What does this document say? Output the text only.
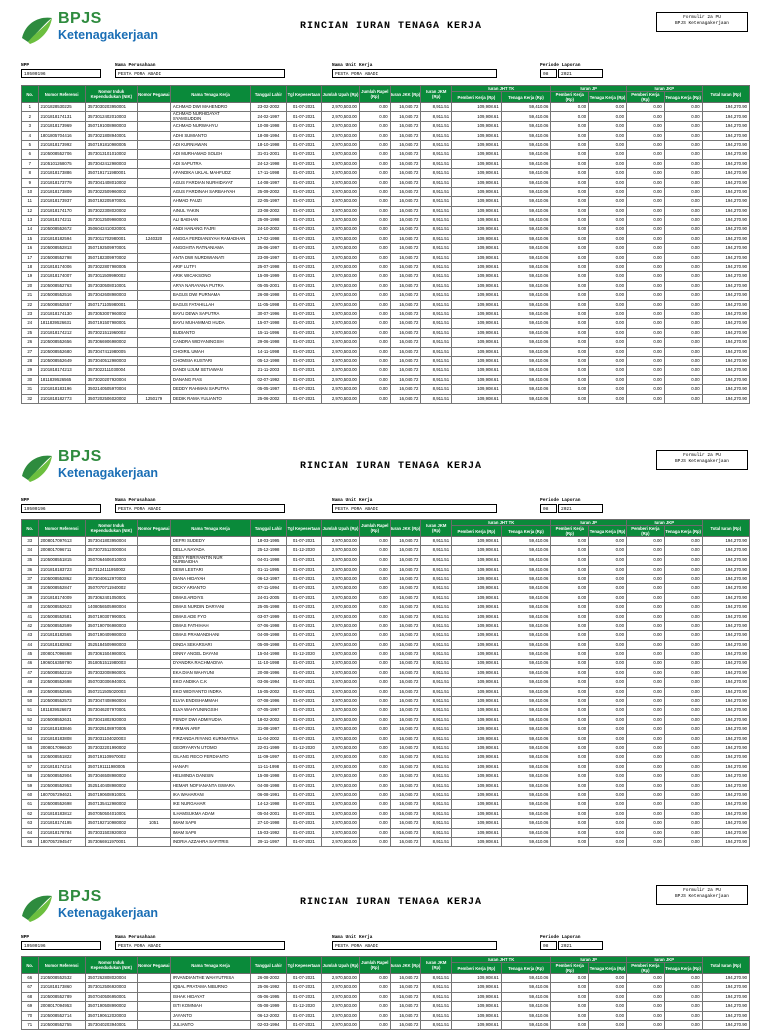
BPJS
Ketenagakerjaan
RINCIAN IURAN TENAGA KERJA
Formulir 2a PU
BPJS Ketenagakerjaan
NPP
19500196
Nama Perusahaan
PESTA PORA ABADI
Nama Unit Kerja
PESTA PORA ABADI
Periode Laporan
08	2021
No.	Nomor Referensi	Nomor Induk Kependudukan (NIK)	Nomor Pegawai	Nama Tenaga Kerja	Tanggal Lahir	Tgl Kepesertaan	Jumlah Upah (Rp)	Jumlah Rapel (Rp)	Iuran JKK (Rp)	Iuran JKM (Rp)	Iuran JHT TK		Iuran JP		Iuran JKP		Total Iuran (Rp)
											Pemberi Kerja (Rp)	Tenaga Kerja (Rp)	Pemberi Kerja (Rp)	Tenaga Kerja (Rp)	Pemberi Kerja (Rp)	Tenaga Kerja (Rp)	
1	2101828530225	3573030203950001		ACHMAD DWI MAHENDRO	23-02-2002	01-07-2021	2,970,503.00	0.00	16,040.72	8,911.51	109,908.61	59,410.06	0.00	0.00	0.00	0.00	194,270.90
2	2101818174131	3573012402010003		ACHMAD NURHIDAYAT SYAMSUDDIN	24-02-1997	01-07-2021	2,970,503.00	0.00	16,040.72	8,911.51	109,908.61	59,410.06	0.00	0.00	0.00	0.00	194,270.90
3	2101818173969	3507191008980003		ACHMAD NURWAHYU	10-08-1998	01-07-2021	2,970,503.00	0.00	16,040.72	8,911.51	109,908.61	59,410.06	0.00	0.00	0.00	0.00	194,270.90
4	1801805704416	3573021808940001		ADHI SUMIANTO	18-08-1994	01-07-2021	2,970,503.00	0.00	16,040.72	8,911.51	109,908.61	59,410.06	0.00	0.00	0.00	0.00	194,270.90
5	2101818173992	3507191810980005		ADI KURNIAWAN	18-10-1998	01-07-2021	2,970,503.00	0.00	16,040.72	8,911.51	109,908.61	59,410.06	0.00	0.00	0.00	0.00	194,270.90
6	2105008552706	3573013101010002		ADI MURHAMAD SOLEH	31-01-2001	01-07-2021	2,970,503.00	0.00	16,040.72	8,911.51	109,908.61	59,410.06	0.00	0.00	0.00	0.00	194,270.90
7	2105101268075	3573042412980003		ADI SAPUTRA	24-12-1998	01-07-2021	2,970,503.00	0.00	16,040.72	8,911.51	109,908.61	59,410.06	0.00	0.00	0.00	0.00	194,270.90
8	2101818173886	3507191711980001		AFANDIKA UKLAL MAHFUDZ	17-11-1998	01-07-2021	2,970,503.00	0.00	16,040.72	8,911.51	109,908.61	59,410.06	0.00	0.00	0.00	0.00	194,270.90
9	2101818173779	3573041408010002		AGUS FARDIAN NURHIDAYAT	14-08-1997	01-07-2021	2,970,503.00	0.00	16,040.72	8,911.51	109,908.61	59,410.06	0.00	0.00	0.00	0.00	194,270.90
10	2101818173809	3573022509960002		AGUS FARDINAH SARBAHYAH	25-09-2002	01-07-2021	2,970,503.00	0.00	16,040.72	8,911.51	109,908.61	59,410.06	0.00	0.00	0.00	0.00	194,270.90
11	2101818173937	3507192205970001		AHMAD FAUZI	22-05-1997	01-07-2021	2,970,503.00	0.00	16,040.72	8,911.51	109,908.61	59,410.06	0.00	0.00	0.00	0.00	194,270.90
12	2101818174170	3573022308020002		AINUL YAKIN	23-08-2002	01-07-2021	2,970,503.00	0.00	16,040.72	8,911.51	109,908.61	59,410.06	0.00	0.00	0.00	0.00	194,270.90
13	2101818174211	3573012509980003		ALI BAEHAN	25-09-1998	01-07-2021	2,970,503.00	0.00	16,040.72	8,911.51	109,908.61	59,410.06	0.00	0.00	0.00	0.00	194,270.90
14	2105008552672	3506042410020001		ANDI HANANG FAJRI	24-10-2002	01-07-2021	2,970,503.00	0.00	16,040.72	8,911.51	109,908.61	59,410.06	0.00	0.00	0.00	0.00	194,270.90
15	2101818182594	3573011702980001	1240320	ANGGA FERDIANSYAH RAMADHAN	17-02-1998	01-07-2021	2,970,503.00	0.00	16,040.72	8,911.51	109,908.61	59,410.06	0.00	0.00	0.00	0.00	194,270.90
16	2105008552813	3507192509970001		ANGGHITA RATNANIAMA	25-06-1997	01-07-2021	2,970,503.00	0.00	16,040.72	8,911.51	109,908.61	59,410.06	0.00	0.00	0.00	0.00	194,270.90
17	2105008552798	3507182309970002		ANTA DWI NURDWIANATI	23-09-1997	01-07-2021	2,970,503.00	0.00	16,040.72	8,911.51	109,908.61	59,410.06	0.00	0.00	0.00	0.00	194,270.90
18	2101818174006	3573022807980005		ARIF LUTFI	25-07-1998	01-07-2021	2,970,503.00	0.00	16,040.72	8,911.51	109,908.61	59,410.06	0.00	0.00	0.00	0.00	194,270.90
19	2101818174007	3573011509990002		ARIK WICAKSONO	15-09-1999	01-07-2021	2,970,503.00	0.00	16,040.72	8,911.51	109,908.61	59,410.06	0.00	0.00	0.00	0.00	194,270.90
20	2105008552763	3573030508010001		ARYA NARAYANA PUTRA	05-05-2001	01-07-2021	2,970,503.00	0.00	16,040.72	8,911.51	109,908.61	59,410.06	0.00	0.00	0.00	0.00	194,270.90
21	2105008552516	3573042608980003		BAGUS DWI PURNAMA	26-08-1998	01-07-2021	2,970,503.00	0.00	16,040.72	8,911.51	109,908.61	59,410.06	0.00	0.00	0.00	0.00	194,270.90
22	2105008552557	3507171105980001		BAGUS FATAHILLAH	11-05-1998	01-07-2021	2,970,503.00	0.00	16,040.72	8,911.51	109,908.61	59,410.06	0.00	0.00	0.00	0.00	194,270.90
23	2101818174130	3573053007960002		BAYU DEWA SAPUTRA	30-07-1996	01-07-2021	2,970,503.00	0.00	16,040.72	8,911.51	109,908.61	59,410.06	0.00	0.00	0.00	0.00	194,270.90
24	1811839526631	3507191507980001		BAYU MUHAMMAD HUDA	15-07-1998	01-07-2021	2,970,503.00	0.00	16,040.72	8,911.51	109,908.61	59,410.06	0.00	0.00	0.00	0.00	194,270.90
25	2101818174212	3573021511960002		BUDIANTO	15-11-1996	01-07-2021	2,970,503.00	0.00	16,040.72	8,911.51	109,908.61	59,410.06	0.00	0.00	0.00	0.00	194,270.90
26	2105008552656	3573066906980002		CANDRA WIDYANINGSIH	29-06-1998	01-07-2021	2,970,503.00	0.00	16,040.72	8,911.51	109,908.61	59,410.06	0.00	0.00	0.00	0.00	194,270.90
27	2105008552680	3573047411980005		CHOIRIL UMAH	14-11-1998	01-07-2021	2,970,503.00	0.00	16,040.72	8,911.51	109,908.61	59,410.06	0.00	0.00	0.00	0.00	194,270.90
28	2105008552649	3573040512980003		CHOMSIA KUSTARI	05-12-1998	01-07-2021	2,970,503.00	0.00	16,040.72	8,911.51	109,908.61	59,410.06	0.00	0.00	0.00	0.00	194,270.90
29	2101818174213	3573022111030004		DANDI UJUM SETIAWAN	21-11-2003	01-07-2021	2,970,503.00	0.00	16,040.72	8,911.51	109,908.61	59,410.06	0.00	0.00	0.00	0.00	194,270.90
30	1811839526565	3573020207920004		DANANG FIAS	02-07-1992	01-07-2021	2,970,503.00	0.00	16,040.72	8,911.51	109,908.61	59,410.06	0.00	0.00	0.00	0.00	194,270.90
31	2101818183196	3502140505970004		DEDDY RAHMAN SAPUTRA	05-05-1997	01-07-2021	2,970,503.00	0.00	16,040.72	8,911.51	109,908.61	59,410.06	0.00	0.00	0.00	0.00	194,270.90
32	2101818182773	3507202506020002	1250179	DEDIK RAMA YULIANTO	25-06-2002	01-07-2021	2,970,503.00	0.00	16,040.72	8,911.51	109,908.61	59,410.06	0.00	0.00	0.00	0.00	194,270.90
BPJS
Ketenagakerjaan	RINCIAN IURAN TENAGA KERJA
Formulir 2a PU
BPJS Ketenagakerjaan
NPP
19500196
Nama Perusahaan
PESTA PORA ABADI
Nama Unit Kerja
PESTA PORA ABADI
Periode Laporan
08	2021
No.	Nomor Referensi	Nomor Induk Kependudukan (NIK)	Nomor Pegawai	Nama Tenaga Kerja	Tanggal Lahir	Tgl Kepesertaan	Jumlah Upah (Rp)	Jumlah Rapel (Rp)	Iuran JKK (Rp)	Iuran JKM (Rp)	Iuran JHT TK		Iuran JP		Iuran JKP		Total Iuran (Rp)
											Pemberi Kerja (Rp)	Tenaga Kerja (Rp)	Pemberi Kerja (Rp)	Tenaga Kerja (Rp)	Pemberi Kerja (Rp)	Tenaga Kerja (Rp)	
33	2008017097613	3573041803950004		DEFRI SUDEDY	18-03-1995	01-07-2021	2,970,503.00	0.00	16,040.72	8,911.51	109,908.61	59,410.06	0.00	0.00	0.00	0.00	194,270.90
34	2008017096711	3573072512000004		DELLA NAYADA	25-12-1998	01-12-2020	2,970,503.00	0.00	16,040.72	8,911.51	109,908.61	59,410.06	0.00	0.00	0.00	0.00	194,270.90
35	2105008551815	3507064606010003		DESY FIBRIYANTIN NUR NURBAIDHA	04-01-1998	01-07-2021	2,970,503.00	0.00	16,040.72	8,911.51	109,908.61	59,410.06	0.00	0.00	0.00	0.00	194,270.90
36	2101818183723	3573124111950002		DEWI LESTARI	01-11-1995	01-07-2021	2,970,503.00	0.00	16,040.72	8,911.51	109,908.61	59,410.06	0.00	0.00	0.00	0.00	194,270.90
37	2105008552862	3573040612970003		DIANA HIDAYAH	06-12-1997	01-07-2021	2,970,503.00	0.00	16,040.72	8,911.51	109,908.61	59,410.06	0.00	0.00	0.00	0.00	194,270.90
38	2105008552847	3507070711940002		DICKY ARIANTO	07-11-1994	01-07-2021	2,970,503.00	0.00	16,040.72	8,911.51	109,908.61	59,410.06	0.00	0.00	0.00	0.00	194,270.90
39	2101818174009	3573062401050001		DIMAS ARDIYS	24-01-2005	01-07-2021	2,970,503.00	0.00	16,040.72	8,911.51	109,908.61	59,410.06	0.00	0.00	0.00	0.00	194,270.90
40	2105008552623	1408056505980004		DIMAS NURDIN DARYANI	25-05-1998	01-07-2021	2,970,503.00	0.00	16,040.72	8,911.51	109,908.61	59,410.06	0.00	0.00	0.00	0.00	194,270.90
41	2105008552581	3507190307990001		DIMAS ADE FYO	03-07-1999	01-07-2021	2,970,503.00	0.00	16,040.72	8,911.51	109,908.61	59,410.06	0.00	0.00	0.00	0.00	194,270.90
42	2105008552599	3507190706980003		DIMAS FATHIHAH	07-06-1998	01-07-2021	2,970,503.00	0.00	16,040.72	8,911.51	109,908.61	59,410.06	0.00	0.00	0.00	0.00	194,270.90
43	2101818182565	3507190409980003		DIMAS PRAMANDHANI	04-09-1998	01-07-2021	2,970,503.00	0.00	16,040.72	8,911.51	109,908.61	59,410.06	0.00	0.00	0.00	0.00	194,270.90
44	2101818182862	3525184509980003		DINDA SEKARSARI	05-09-1998	01-07-2021	2,970,503.00	0.00	16,040.72	8,911.51	109,908.61	59,410.06	0.00	0.00	0.00	0.00	194,270.90
45	2008017096598	3573061504980001		DINNY ANGEL DAYANI	15-04-1998	01-12-2020	2,970,503.00	0.00	16,040.72	8,911.51	109,908.61	59,410.06	0.00	0.00	0.00	0.00	194,270.90
46	1906016359790	3518051511980003		DYANDRA RACHMADIVA	11-10-1998	01-07-2021	2,970,503.00	0.00	16,040.72	8,911.51	109,908.61	59,410.06	0.00	0.00	0.00	0.00	194,270.90
47	2105008552219	3573032008960001		EKA DIAN WAHYUNI	20-08-1996	01-07-2021	2,970,503.00	0.00	16,040.72	8,911.51	109,908.61	59,410.06	0.00	0.00	0.00	0.00	194,270.90
48	2105008552698	3507030306940001		EKO ANDIKA C.K	03-06-1994	01-07-2021	2,970,503.00	0.00	16,040.72	8,911.51	109,908.61	59,410.06	0.00	0.00	0.00	0.00	194,270.90
49	2105008552565	3507211505020003		EKO WIDIYANTO INDRA	15-05-2002	01-07-2021	2,970,503.00	0.00	16,040.72	8,911.51	109,908.61	59,410.06	0.00	0.00	0.00	0.00	194,270.90
50	2105008552573	3573047408960004		ELVIA ENDISHAMMAH	07-08-1996	01-07-2021	2,970,503.00	0.00	16,040.72	8,911.51	109,908.61	59,410.06	0.00	0.00	0.00	0.00	194,270.90
51	1811839526673	3573046207970001		ELVA WAHYUNINGSIH	07-05-1997	01-07-2021	2,970,503.00	0.00	16,040.72	8,911.51	109,908.61	59,410.06	0.00	0.00	0.00	0.00	194,270.90
52	2105008552631	3573041802920003		FENDY DWI ADMIYUDIA	18-02-2002	01-07-2021	2,970,503.00	0.00	16,040.72	8,911.51	109,908.61	59,410.06	0.00	0.00	0.00	0.00	194,270.90
53	2101818183846	3573025108970005		FIRMAN ARIF	31-08-1997	01-07-2021	2,970,503.00	0.00	16,040.72	8,911.51	109,908.61	59,410.06	0.00	0.00	0.00	0.00	194,270.90
54	2101818183808	3573031104020003		FIRZANDA RIYANG KURNIATINA	11-04-2002	01-07-2021	2,970,503.00	0.00	16,040.72	8,911.51	109,908.61	59,410.06	0.00	0.00	0.00	0.00	194,270.90
55	2008017096630	3573032201990002		GEORYARYN UTOMO	22-01-1999	01-12-2020	2,970,503.00	0.00	16,040.72	8,911.51	109,908.61	59,410.06	0.00	0.00	0.00	0.00	194,270.90
56	2105008551822	3507191109970002		GILANG RECO FERDIANTO	11-09-1997	01-07-2021	2,970,503.00	0.00	16,040.72	8,911.51	109,908.61	59,410.06	0.00	0.00	0.00	0.00	194,270.90
57	2101818174214	3507191111980005		HANAFI	11-11-1998	01-07-2021	2,970,503.00	0.00	16,040.72	8,911.51	109,908.61	59,410.06	0.00	0.00	0.00	0.00	194,270.90
58	2105008552904	3573046508980002		HELMINDA DANISIN	15-08-1998	01-07-2021	2,970,503.00	0.00	16,040.72	8,911.51	109,908.61	59,410.06	0.00	0.00	0.00	0.00	194,270.90
59	2105008552953	3525140408980002		HEMAR NOFIANANTA ISWARA	04-08-1998	01-07-2021	2,970,503.00	0.00	16,040.72	8,911.51	109,908.61	59,410.06	0.00	0.00	0.00	0.00	194,270.90
60	1807057294621	3507190608910001		IKA WAHARANI	06-08-1991	01-07-2021	2,970,503.00	0.00	16,040.72	8,911.51	109,908.61	59,410.06	0.00	0.00	0.00	0.00	194,270.90
61	2105008552698	3507135412980002		IKE NURGAHAR	14-12-1998	01-07-2021	2,970,503.00	0.00	16,040.72	8,911.51	109,908.61	59,410.06	0.00	0.00	0.00	0.00	194,270.90
62	2101818183812	3507050504010001		ILHAMSUKMA ADAM	05-04-2001	01-07-2021	2,970,503.00	0.00	16,040.72	8,911.51	109,908.61	59,410.06	0.00	0.00	0.00	0.00	194,270.90
63	2101818174195	3507192710980002	1051	IMAM SAPII	27-10-1998	01-07-2021	2,970,503.00	0.00	16,040.72	8,911.51	109,908.61	59,410.06	0.00	0.00	0.00	0.00	194,270.90
64	2101818178784	3573031503920003		IMAM SAPII	15-03-1992	01-07-2021	2,970,503.00	0.00	16,040.72	8,911.51	109,908.61	59,410.06	0.00	0.00	0.00	0.00	194,270.90
65	1807057294547	3573066911970001		INDRIA AZZAHRA SAFITRIS	29-11-1997	01-07-2021	2,970,503.00	0.00	16,040.72	8,911.51	109,908.61	59,410.06	0.00	0.00	0.00	0.00	194,270.90
BPJS
Ketenagakerjaan
RINCIAN IURAN TENAGA KERJA
Formulir 2a PU
BPJS Ketenagakerjaan
NPP
19500196
Nama Perusahaan
PESTA PORA ABADI
Nama Unit Kerja
PESTA PORA ABADI
Periode Laporan
08	2021
No.	Nomor Referensi	Nomor Induk Kependudukan (NIK)	Nomor Pegawai	Nama Tenaga Kerja	Tanggal Lahir	Tgl Kepesertaan	Jumlah Upah (Rp)	Jumlah Rapel (Rp)	Iuran JKK (Rp)	Iuran JKM (Rp)	Iuran JHT TK		Iuran JP		Iuran JKP		Total Iuran (Rp)
											Pemberi Kerja (Rp)	Tenaga Kerja (Rp)	Pemberi Kerja (Rp)	Tenaga Kerja (Rp)	Pemberi Kerja (Rp)	Tenaga Kerja (Rp)	
66	2105008552532	3507262808020004		IRVANDIANTHE WAHYUTRISA	26-08-2002	01-07-2021	2,970,503.00	0.00	16,040.72	8,911.51	109,908.61	59,410.06	0.00	0.00	0.00	0.00	194,270.90
67	2101818173860	3573012506920003		IQBAL PRATAMA NIBURNO	25-06-1992	01-07-2021	2,970,503.00	0.00	16,040.72	8,911.51	109,908.61	59,410.06	0.00	0.00	0.00	0.00	194,270.90
68	2105008552789	3507040506950001		ISHAK HIDAYAT	05-06-1995	01-07-2021	2,970,503.00	0.00	16,040.72	8,911.51	109,908.61	59,410.06	0.00	0.00	0.00	0.00	194,270.90
69	2008017094953	3507190508990002		ISTI KOMNIAH	05-08-1999	01-12-2020	2,970,503.00	0.00	16,040.72	8,911.51	109,908.61	59,410.06	0.00	0.00	0.00	0.00	194,270.90
70	2105008552714	3507190612020003		JAYANTO	06-12-2002	01-07-2021	2,970,503.00	0.00	16,040.72	8,911.51	109,908.61	59,410.06	0.00	0.00	0.00	0.00	194,270.90
71	2105008552755	3573040203940001		JULIANTO	02-03-1994	01-07-2021	2,970,503.00	0.00	16,040.72	8,911.51	109,908.61	59,410.06	0.00	0.00	0.00	0.00	194,270.90
